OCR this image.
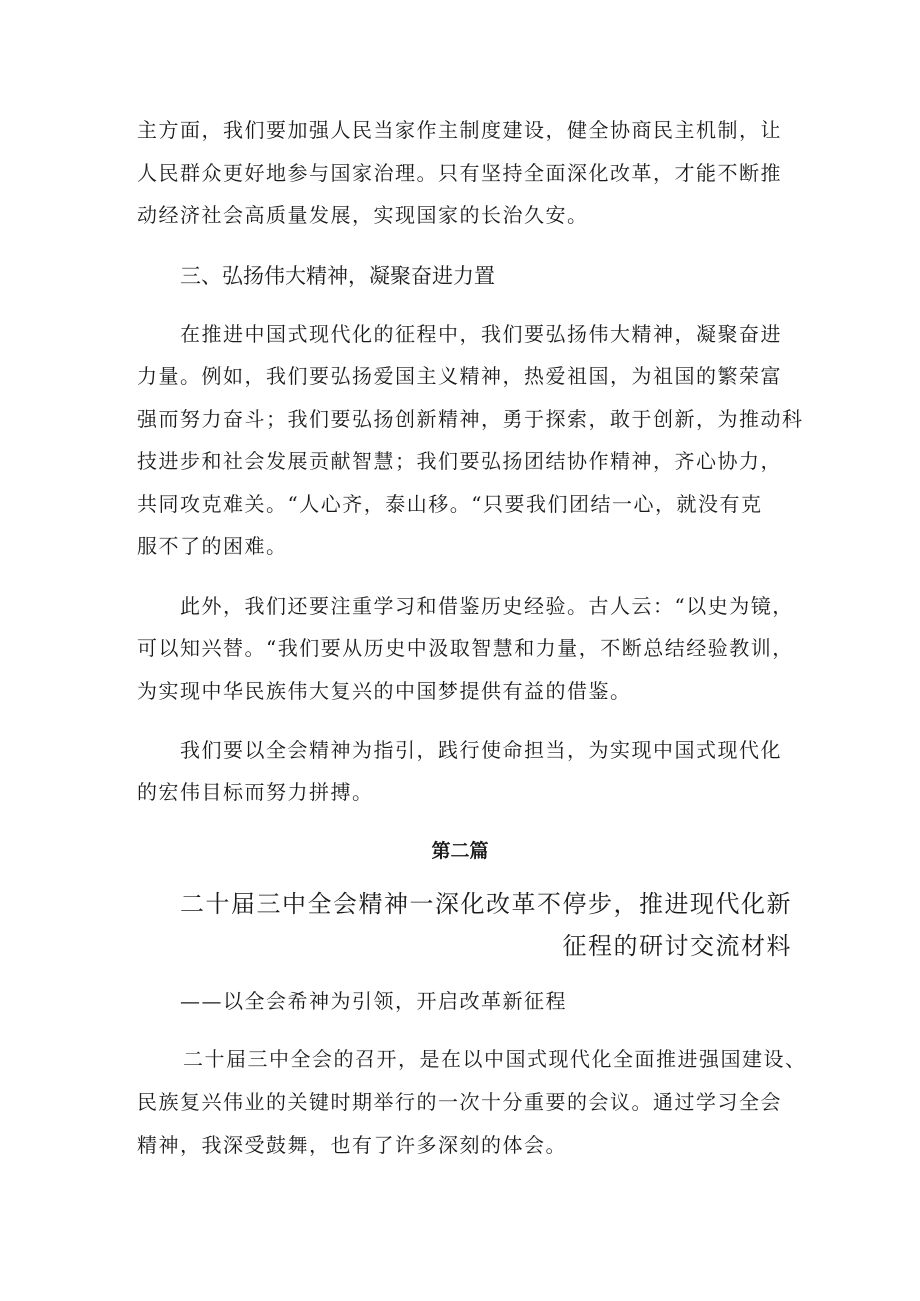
主方面，我们要加强人民当家作主制度建设，健全协商民主机制，让
人民群众更好地参与国家治理。只有坚持全面深化改革，才能不断推
动经济社会高质量发展，实现国家的长治久安。
三、弘扬伟大精神，凝聚奋进力置
在推进中国式现代化的征程中，我们要弘扬伟大精神，凝聚奋进
力量。例如，我们要弘扬爱国主义精神，热爱祖国，为祖国的繁荣富
强而努力奋斗；我们要弘扬创新精神，勇于探索，敢于创新，为推动科
技进步和社会发展贡献智慧；我们要弘扬团结协作精神，齐心协力，
共同攻克难关。“人心齐，泰山移。“只要我们团结一心，就没有克
服不了的困难。
此外，我们还要注重学习和借鉴历史经验。古人云：“以史为镜，
可以知兴替。“我们要从历史中汲取智慧和力量，不断总结经验教训，
为实现中华民族伟大复兴的中国梦提供有益的借鉴。
我们要以全会精神为指引，践行使命担当，为实现中国式现代化
的宏伟目标而努力拼搏。
第二篇
二十届三中全会精神一深化改革不停步，推进现代化新
征程的研讨交流材料
——以全会希神为引领，开启改革新征程
二十届三中全会的召开，是在以中国式现代化全面推进强国建设、
民族复兴伟业的关键时期举行的一次十分重要的会议。通过学习全会
精神，我深受鼓舞，也有了许多深刻的体会。
